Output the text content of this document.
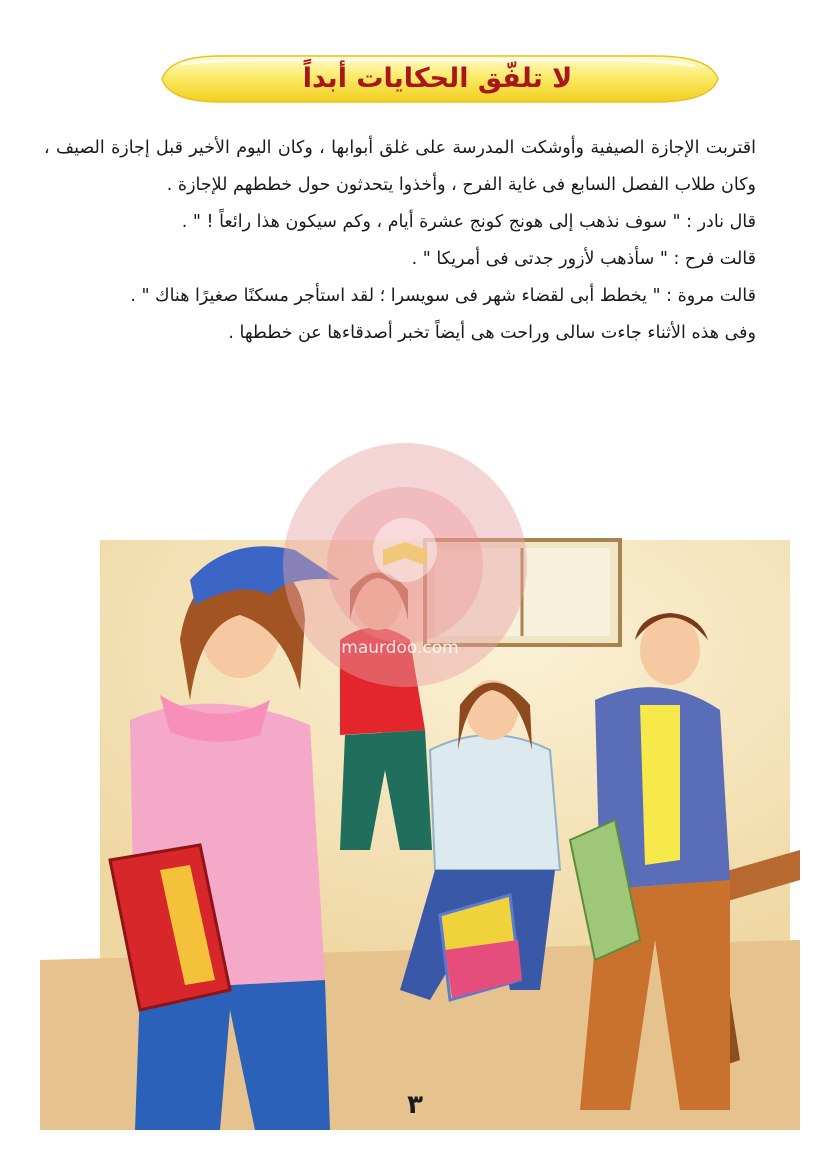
لا تلفّق الحكايات أبداً

اقتربت الإجازة الصيفية وأوشكت المدرسة على غلق أبوابها ، وكان اليوم الأخير قبل إجازة الصيف ، وكان طلاب الفصل السابع فى غاية الفرح ، وأخذوا يتحدثون حول خططهم للإجازة .

قال نادر : " سوف نذهب إلى هونج كونج عشرة أيام ، وكم سيكون هذا رائعاً ! " .

قالت فرح : " سأذهب لأزور جدتى فى أمريكا " .

قالت مروة : " يخطط أبى لقضاء شهر فى سويسرا ؛ لقد استأجر مسكنًا صغيرًا هناك " .

وفى هذه الأثناء جاءت سالى وراحت هى أيضاً تخبر أصدقاءها عن خططها .

maurdoo.com
٣
